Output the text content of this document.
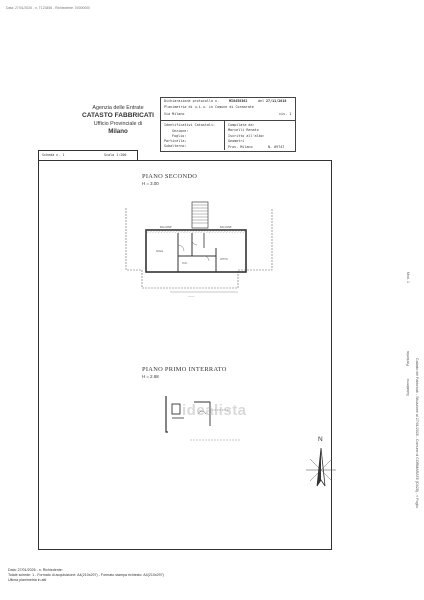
Data: 27/01/2026 - n. T123456 - Richiedente: 00000000
Agenzia delle Entrate
CATASTO FABBRICATI
Ufficio Provinciale di
Milano
Dichiarazione protocollo n.	MI0458362	del 27/11/2018
Planimetria di u.i.u. in Comune di Cormarate
Via Milano	civ. 1
Identificativi Catastali:
Sezione:
Foglio:
Particella:
Subalterno:
Compilata da:
Marcelli Renato
Iscritto all'albo:
Geometri
Prov. Milano	N. 09747
Scheda n. 1	Scala 1:200
PIANO SECONDO
H = 3.00
BALCONE	BALCONE
SOGG.
CUC.
LETTO
--------
PIANO PRIMO INTERRATO
H = 2.68
idealista
N
Mod. 1
Catasto dei Fabbricati - Situazione al 27/01/2026 - Comune di CORMARATE (D028) - < Foglio
Particella
Subalterno
Data: 27/01/2026 - n. Richiedente:
Totale schede: 1 - Formato di acquisizione: A4(210x297) - Formato stampa richiesto: A4(210x297)
Ultima planimetria in atti
